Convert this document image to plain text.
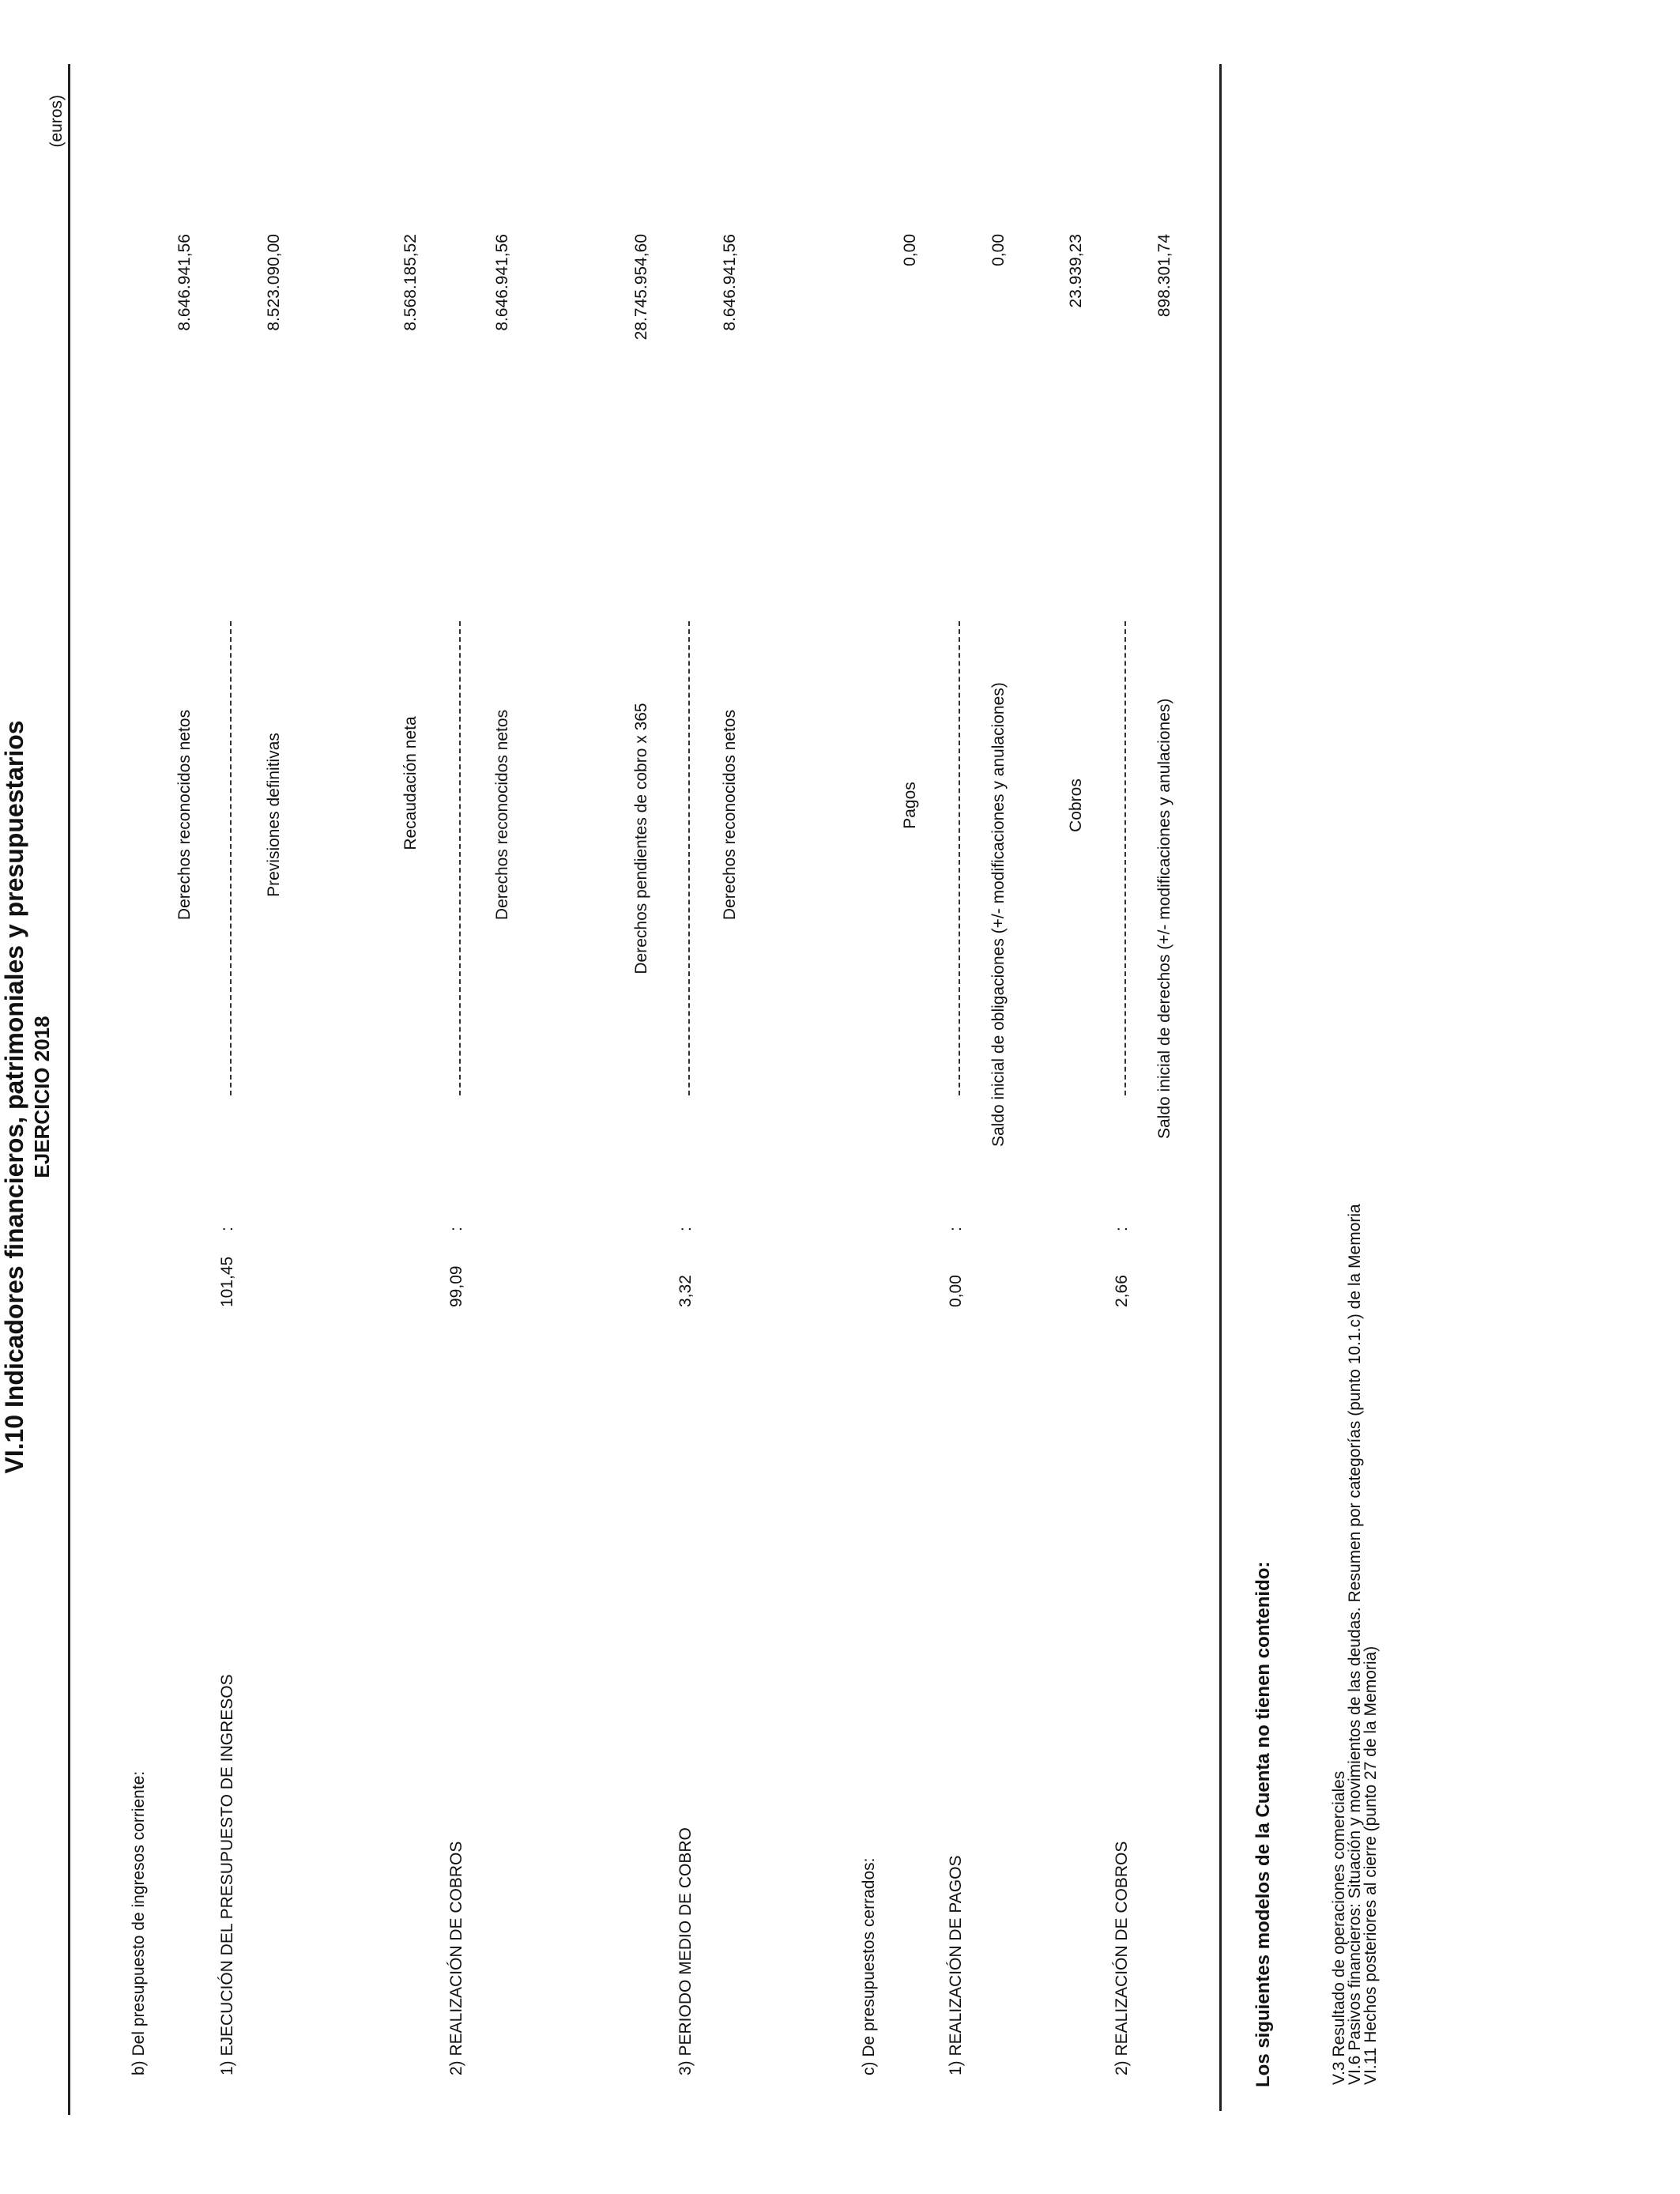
VI.10 Indicadores financieros, patrimoniales y presupuestarios EJERCICIO 2018
(euros)
b) Del presupuesto de ingresos corriente:	1) EJECUCIÓN DEL PRESUPUESTO DE INGRESOS
101,45
:
Derechos reconocidos netos	Previsiones definitivas
8.646.941,56	8.523.090,00
2) REALIZACIÓN DE COBROS
99,09
:
Recaudación neta	Derechos reconocidos netos
8.568.185,52	8.646.941,56
3) PERIODO MEDIO DE COBRO
3,32
:
Derechos pendientes de cobro x 365	Derechos reconocidos netos
28.745.954,60	8.646.941,56
c) De presupuestos cerrados:	1) REALIZACIÓN DE PAGOS
0,00
:
Pagos	Saldo inicial de obligaciones (+/- modificaciones y anulaciones)
0,00	0,00
2) REALIZACIÓN DE COBROS
2,66
:
Cobros	Saldo inicial de derechos (+/- modificaciones y anulaciones)
23.939,23	898.301,74
Los siguientes modelos de la Cuenta no tienen contenido:	V.3 Resultado de operaciones comerciales
VI.6 Pasivos financieros: Situación y movimientos de las deudas. Resumen por categorías (punto 10.1.c) de la Memoria
VI.11 Hechos posteriores al cierre (punto 27 de la Memoria)
